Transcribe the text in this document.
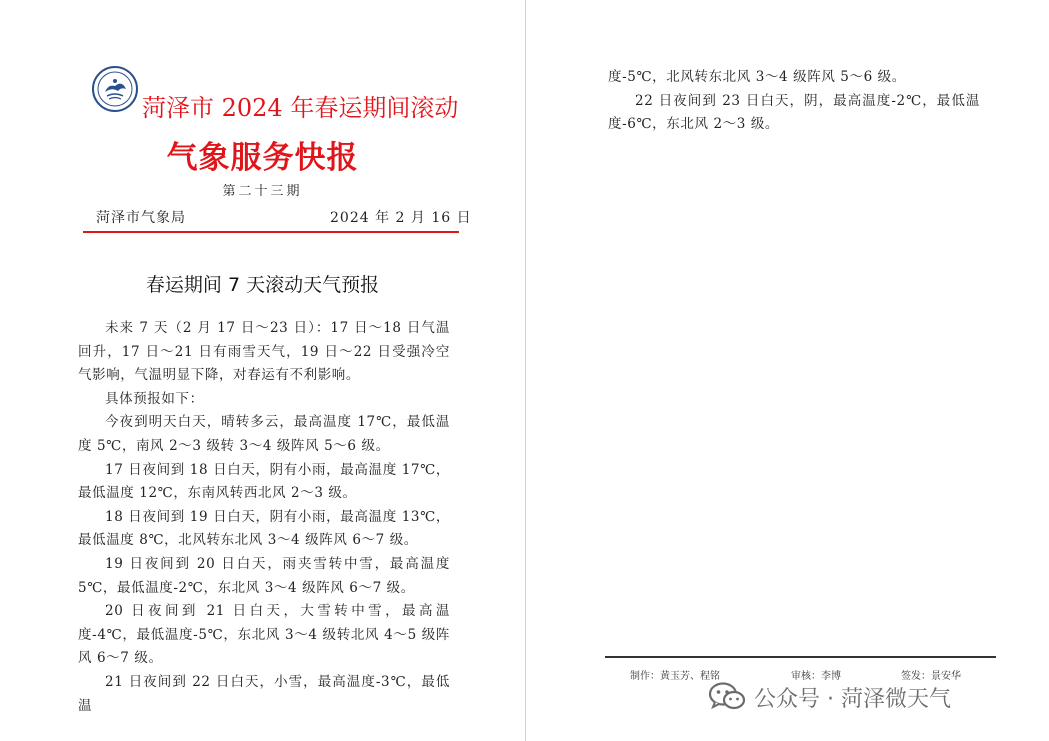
菏泽市 2024 年春运期间滚动
气象服务快报
第二十三期
菏泽市气象局	2024 年 2 月 16 日
春运期间 7 天滚动天气预报

未来 7 天（2 月 17 日～23 日）：17 日～18 日气温回升，17 日～21 日有雨雪天气，19 日～22 日受强冷空气影响，气温明显下降，对春运有不利影响。

具体预报如下：

今夜到明天白天，晴转多云，最高温度 17℃，最低温度 5℃，南风 2～3 级转 3～4 级阵风 5～6 级。

17 日夜间到 18 日白天，阴有小雨，最高温度 17℃，最低温度 12℃，东南风转西北风 2～3 级。

18 日夜间到 19 日白天，阴有小雨，最高温度 13℃，最低温度 8℃，北风转东北风 3～4 级阵风 6～7 级。

19 日夜间到 20 日白天，雨夹雪转中雪，最高温度 5℃，最低温度-2℃，东北风 3～4 级阵风 6～7 级。

20 日夜间到 21 日白天，大雪转中雪，最高温度-4℃，最低温度-5℃，东北风 3～4 级转北风 4～5 级阵风 6～7 级。

21 日夜间到 22 日白天，小雪，最高温度-3℃，最低温

度-5℃，北风转东北风 3～4 级阵风 5～6 级。

22 日夜间到 23 日白天，阴，最高温度-2℃，最低温度-6℃，东北风 2～3 级。

制作：黄玉芳、程铭	审核：李博	签发：景安华
公众号 · 菏泽微天气
